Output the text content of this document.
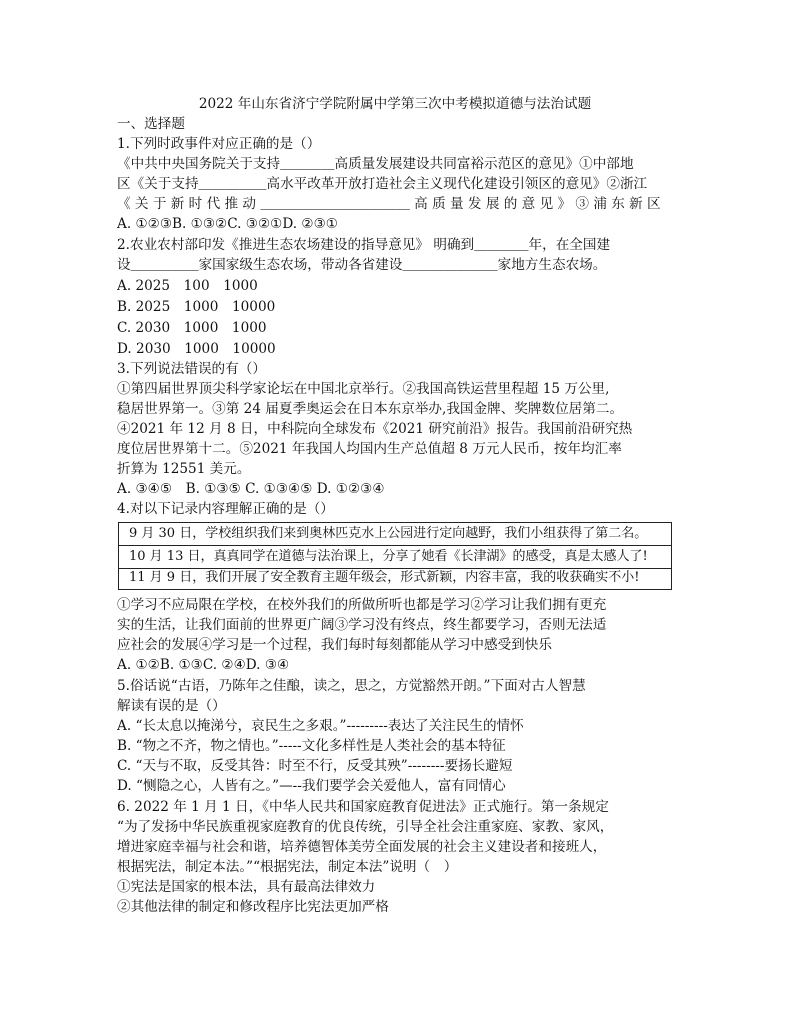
2022 年山东省济宁学院附属中学第三次中考模拟道德与法治试题
一、选择题
1.下列时政事件对应正确的是（）
《中共中央国务院关于支持＿＿＿＿高质量发展建设共同富裕示范区的意见》①中部地
区《关于支持＿＿＿＿＿高水平改革开放打造社会主义现代化建设引领区的意见》②浙江
《 关 于 新 时 代 推 动 ＿＿＿＿＿＿＿＿＿＿＿ 高 质 量 发 展 的 意 见 》 ③ 浦 东 新 区
A. ①②③B. ①③②C. ③②①D. ②③①
2.农业农村部印发《推进生态农场建设的指导意见》 明确到＿＿＿＿年，在全国建
设＿＿＿＿＿家国家级生态农场，带动各省建设＿＿＿＿＿＿＿家地方生态农场。
A. 2025　100　1000
B. 2025　1000　10000
C. 2030　1000　1000
D. 2030　1000　10000
3.下列说法错误的有（）
①第四届世界顶尖科学家论坛在中国北京举行。②我国高铁运营里程超 15 万公里,
稳居世界第一。③第 24 届夏季奥运会在日本东京举办,我国金牌、奖牌数位居第二。
④2021 年 12 月 8 日，中科院向全球发布《2021 研究前沿》报告。我国前沿研究热
度位居世界第十二。⑤2021 年我国人均国内生产总值超 8 万元人民币，按年均汇率
折算为 12551 美元。
A. ③④⑤　B. ①③⑤ C. ①③④⑤ D. ①②③④
4.对以下记录内容理解正确的是（）
9 月 30 日，学校组织我们来到奥林匹克水上公园进行定向越野，我们小组获得了第二名。
10 月 13 日，真真同学在道德与法治课上，分享了她看《长津湖》的感受，真是太感人了!
11 月 9 日，我们开展了安全教育主题年级会，形式新颖，内容丰富，我的收获确实不小!
①学习不应局限在学校，在校外我们的所做所听也都是学习②学习让我们拥有更充
实的生活，让我们面前的世界更广阔③学习没有终点，终生都要学习，否则无法适
应社会的发展④学习是一个过程，我们每时每刻都能从学习中感受到快乐
A. ①②B. ①③C. ②④D. ③④
5.俗话说“古语，乃陈年之佳酿，读之，思之，方觉豁然开朗。”下面对古人智慧
解读有误的是（）
A. “长太息以掩涕兮，哀民生之多艰。”---------表达了关注民生的情怀
B. “物之不齐，物之情也。”-----文化多样性是人类社会的基本特征
C. “天与不取，反受其咎：时至不行，反受其殃”--------要扬长避短
D. “恻隐之心，人皆有之。”—--我们要学会关爱他人，富有同情心
6. 2022 年 1 月 1 日，《中华人民共和国家庭教育促进法》正式施行。第一条规定
“为了发扬中华民族重视家庭教育的优良传统，引导全社会注重家庭、家教、家风，
增进家庭幸福与社会和谐，培养德智体美劳全面发展的社会主义建设者和接班人，
根据宪法，制定本法。”“根据宪法，制定本法”说明（　）
①宪法是国家的根本法，具有最高法律效力
②其他法律的制定和修改程序比宪法更加严格
